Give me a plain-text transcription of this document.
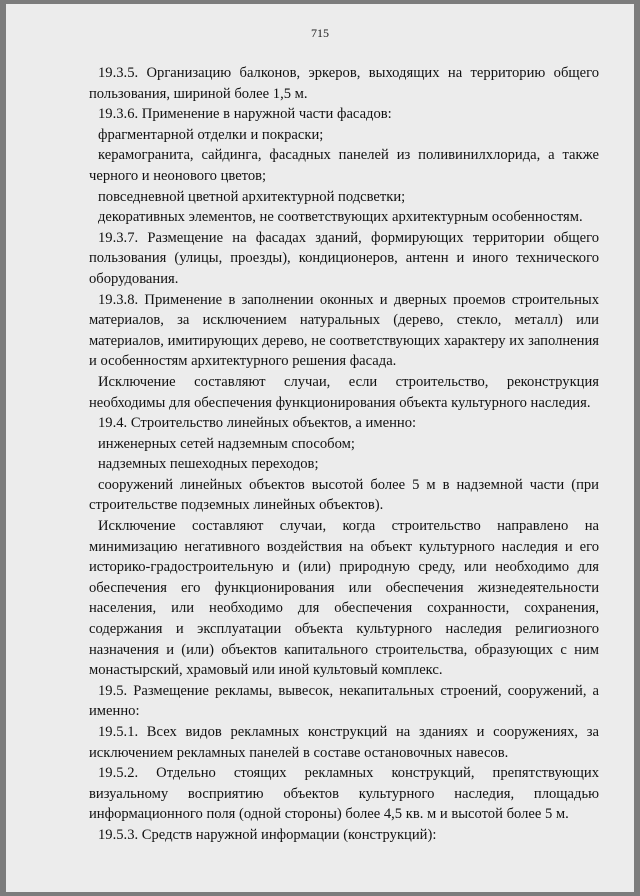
715

19.3.5. Организацию балконов, эркеров, выходящих на территорию общего пользования, шириной более 1,5 м.

19.3.6. Применение в наружной части фасадов:

фрагментарной отделки и покраски;

керамогранита, сайдинга, фасадных панелей из поливинилхлорида, а также черного и неонового цветов;

повседневной цветной архитектурной подсветки;

декоративных элементов, не соответствующих архитектурным особенностям.

19.3.7. Размещение на фасадах зданий, формирующих территории общего пользования (улицы, проезды), кондиционеров, антенн и иного технического оборудования.

19.3.8. Применение в заполнении оконных и дверных проемов строительных материалов, за исключением натуральных (дерево, стекло, металл) или материалов, имитирующих дерево, не соответствующих характеру их заполнения и особенностям архитектурного решения фасада.

Исключение составляют случаи, если строительство, реконструкция необходимы для обеспечения функционирования объекта культурного наследия.

19.4. Строительство линейных объектов, а именно:

инженерных сетей надземным способом;

надземных пешеходных переходов;

сооружений линейных объектов высотой более 5 м в надземной части (при строительстве подземных линейных объектов).

Исключение составляют случаи, когда строительство направлено на минимизацию негативного воздействия на объект культурного наследия и его историко-градостроительную и (или) природную среду, или необходимо для обеспечения его функционирования или обеспечения жизнедеятельности населения, или необходимо для обеспечения сохранности, сохранения, содержания и эксплуатации объекта культурного наследия религиозного назначения и (или) объектов капитального строительства, образующих с ним монастырский, храмовый или иной культовый комплекс.

19.5. Размещение рекламы, вывесок, некапитальных строений, сооружений, а именно:

19.5.1. Всех видов рекламных конструкций на зданиях и сооружениях, за исключением рекламных панелей в составе остановочных навесов.

19.5.2. Отдельно стоящих рекламных конструкций, препятствующих визуальному восприятию объектов культурного наследия, площадью информационного поля (одной стороны) более 4,5 кв. м и высотой более 5 м.

19.5.3. Средств наружной информации (конструкций):
